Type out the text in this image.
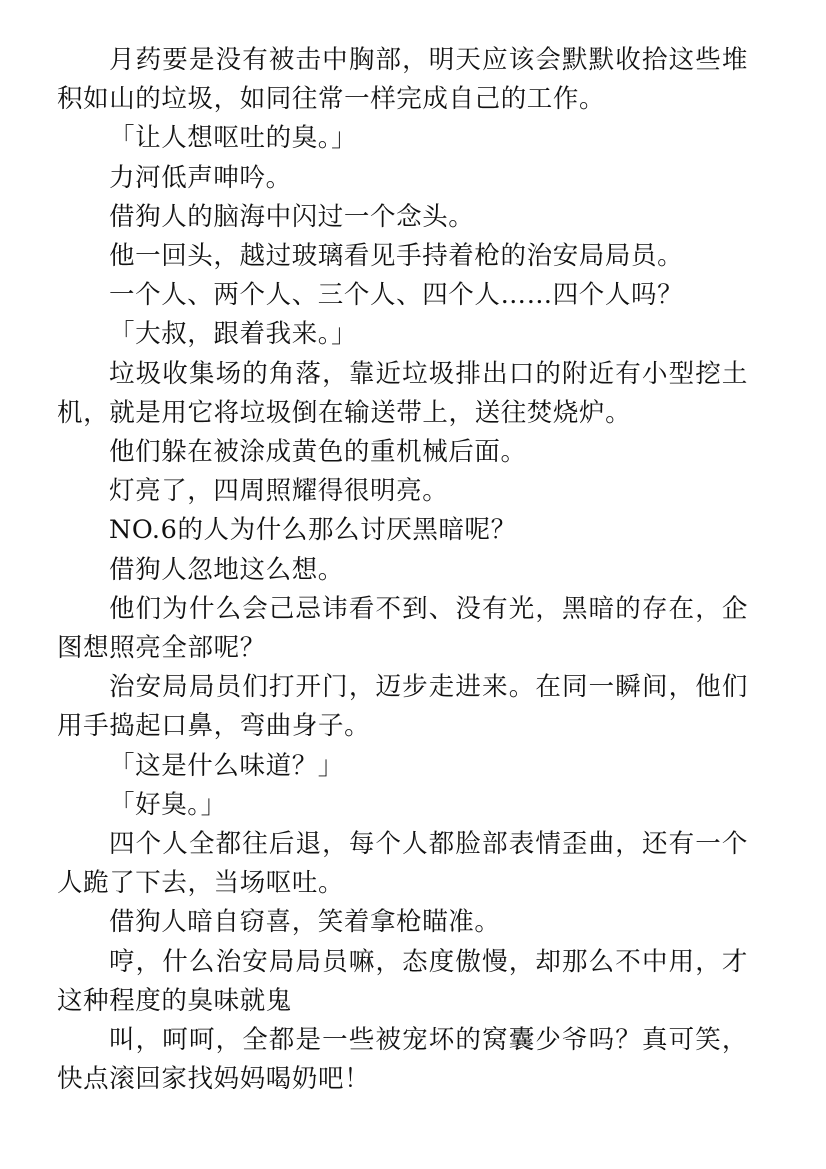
月药要是没有被击中胸部，明天应该会默默收拾这些堆积如山的垃圾，如同往常一样完成自己的工作。

「让人想呕吐的臭。」

力河低声呻吟。

借狗人的脑海中闪过一个念头。

他一回头，越过玻璃看见手持着枪的治安局局员。

一个人、两个人、三个人、四个人……四个人吗？

「大叔，跟着我来。」

垃圾收集场的角落，靠近垃圾排出口的附近有小型挖土机，就是用它将垃圾倒在输送带上，送往焚烧炉。

他们躲在被涂成黄色的重机械后面。

灯亮了，四周照耀得很明亮。

NO.6的人为什么那么讨厌黑暗呢？

借狗人忽地这么想。

他们为什么会己忌讳看不到、没有光，黑暗的存在，企图想照亮全部呢？

治安局局员们打开门，迈步走进来。在同一瞬间，他们用手捣起口鼻，弯曲身子。

「这是什么味道？」

「好臭。」

四个人全都往后退，每个人都脸部表情歪曲，还有一个人跪了下去，当场呕吐。

借狗人暗自窃喜，笑着拿枪瞄准。

哼，什么治安局局员嘛，态度傲慢，却那么不中用，才这种程度的臭味就鬼

叫，呵呵，全都是一些被宠坏的窝囊少爷吗？真可笑，快点滚回家找妈妈喝奶吧！
